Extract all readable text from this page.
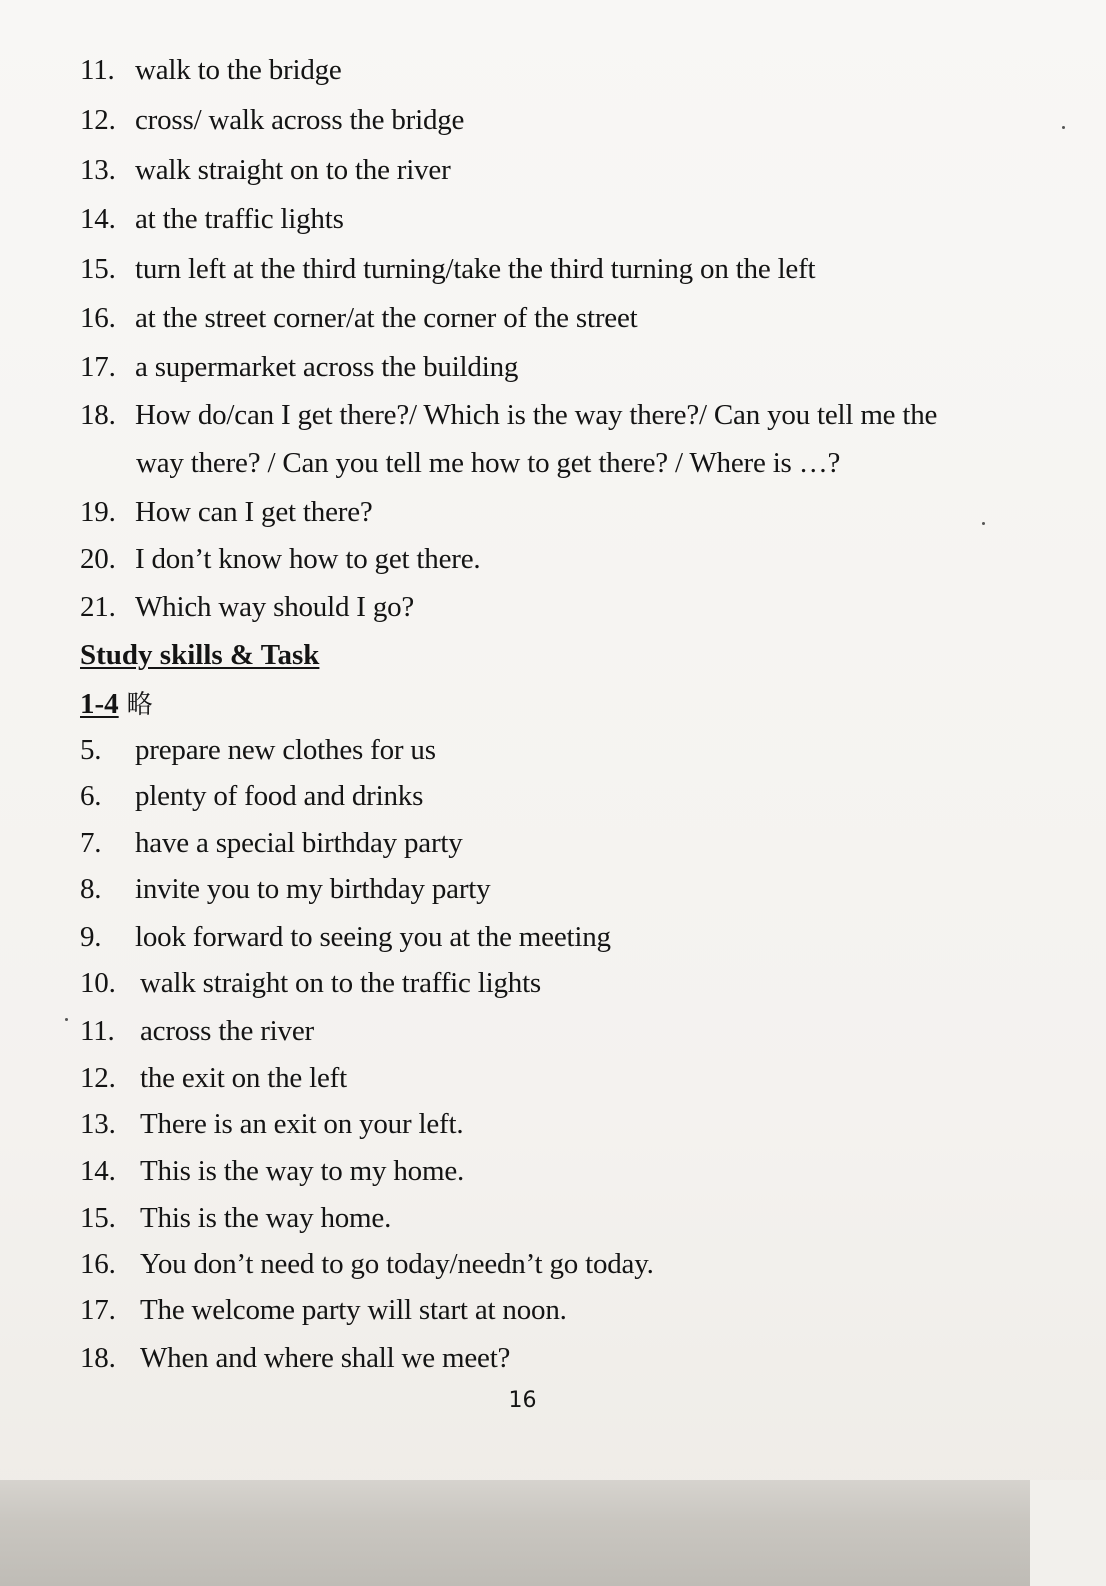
11. walk to the bridge
12. cross/ walk across the bridge
13. walk straight on to the river
14. at the traffic lights
15. turn left at the third turning/take the third turning on the left
16. at the street corner/at the corner of the street
17. a supermarket across the building
18. How do/can I get there?/ Which is the way there?/ Can you tell me the
way there? / Can you tell me how to get there? / Where is …?
19. How can I get there?
20. I don’t know how to get there.
21. Which way should I go?
Study skills & Task
1-4 略
5. prepare new clothes for us
6. plenty of food and drinks
7. have a special birthday party
8. invite you to my birthday party
9. look forward to seeing you at the meeting
10. walk straight on to the traffic lights
11. across the river
12. the exit on the left
13. There is an exit on your left.
14. This is the way to my home.
15. This is the way home.
16. You don’t need to go today/needn’t go today.
17. The welcome party will start at noon.
18. When and where shall we meet?
16
